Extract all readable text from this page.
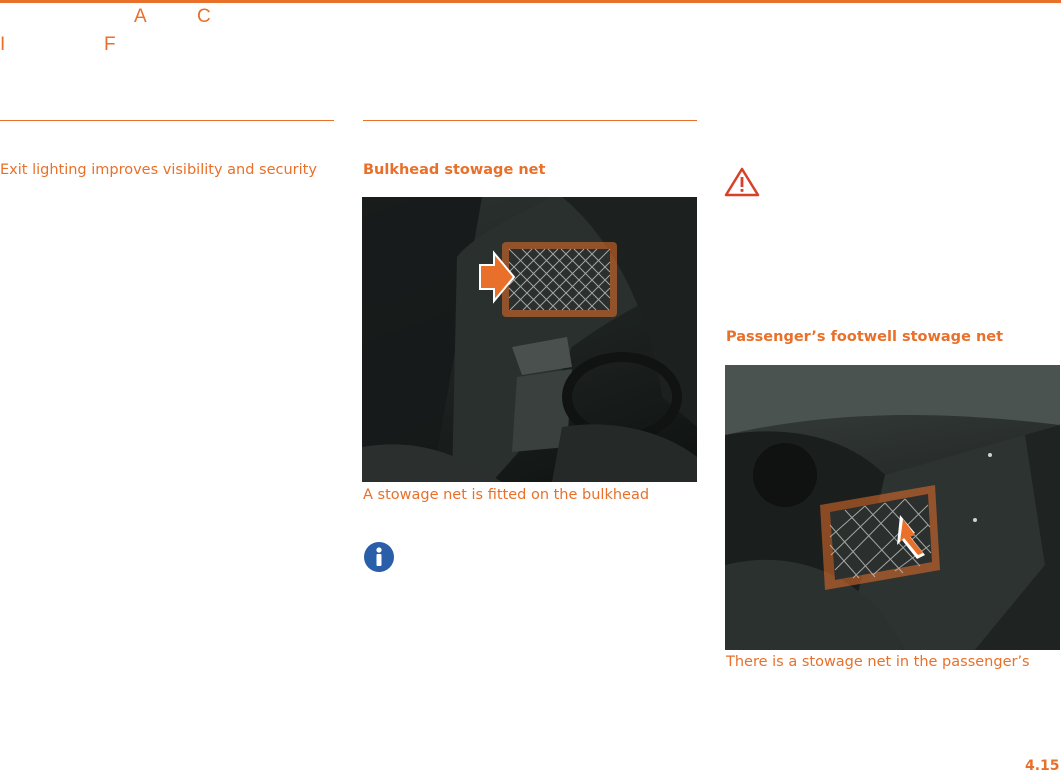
A	C
I	F
Exit lighting improves visibility and security	Bulkhead stowage net
A stowage net is fitted on the bulkhead
Passenger’s footwell stowage net
There is a stowage net in the passenger’s
4.15
